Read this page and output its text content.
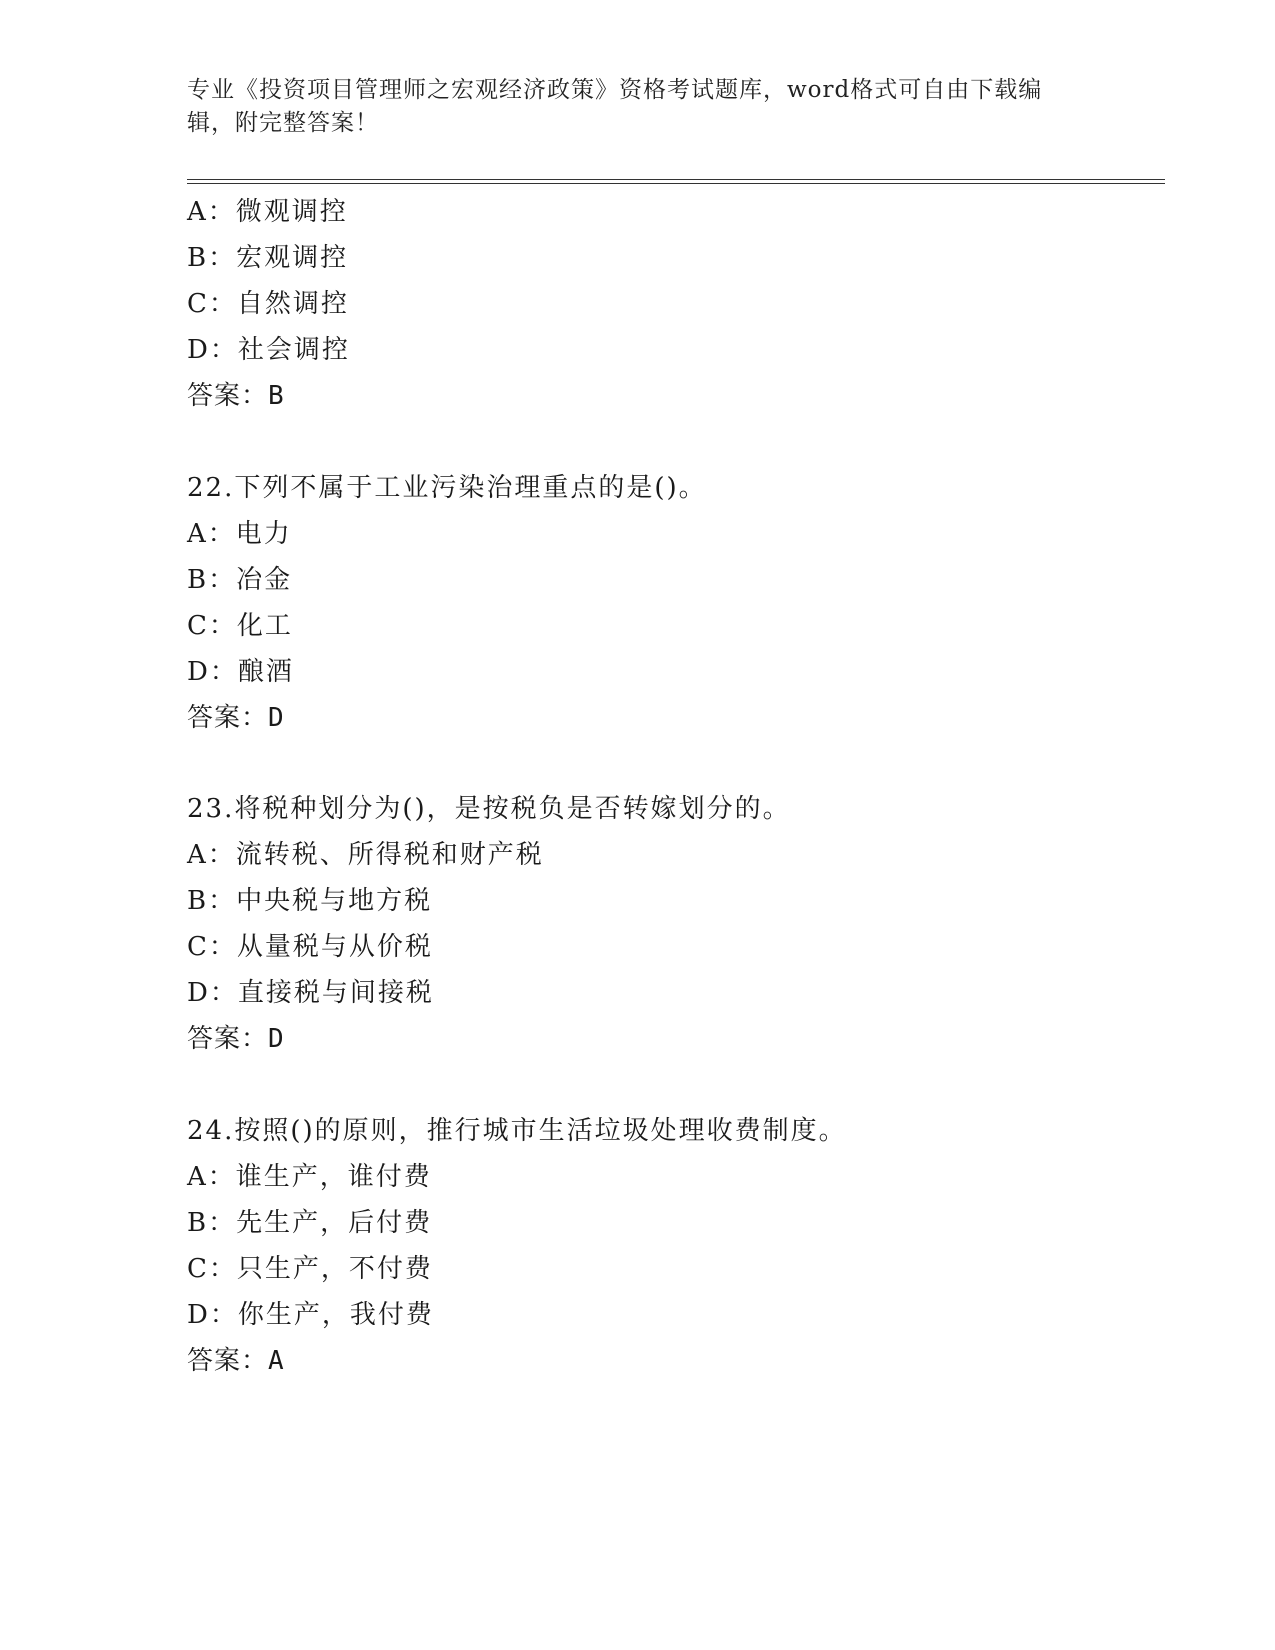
专业《投资项目管理师之宏观经济政策》资格考试题库，word格式可自由下载编
辑，附完整答案！
A：微观调控
B：宏观调控
C：自然调控
D：社会调控
答案：B
22.下列不属于工业污染治理重点的是()。
A：电力
B：冶金
C：化工
D：酿酒
答案：D
23.将税种划分为()，是按税负是否转嫁划分的。
A：流转税、所得税和财产税
B：中央税与地方税
C：从量税与从价税
D：直接税与间接税
答案：D
24.按照()的原则，推行城市生活垃圾处理收费制度。
A：谁生产，谁付费
B：先生产，后付费
C：只生产，不付费
D：你生产，我付费
答案：A
